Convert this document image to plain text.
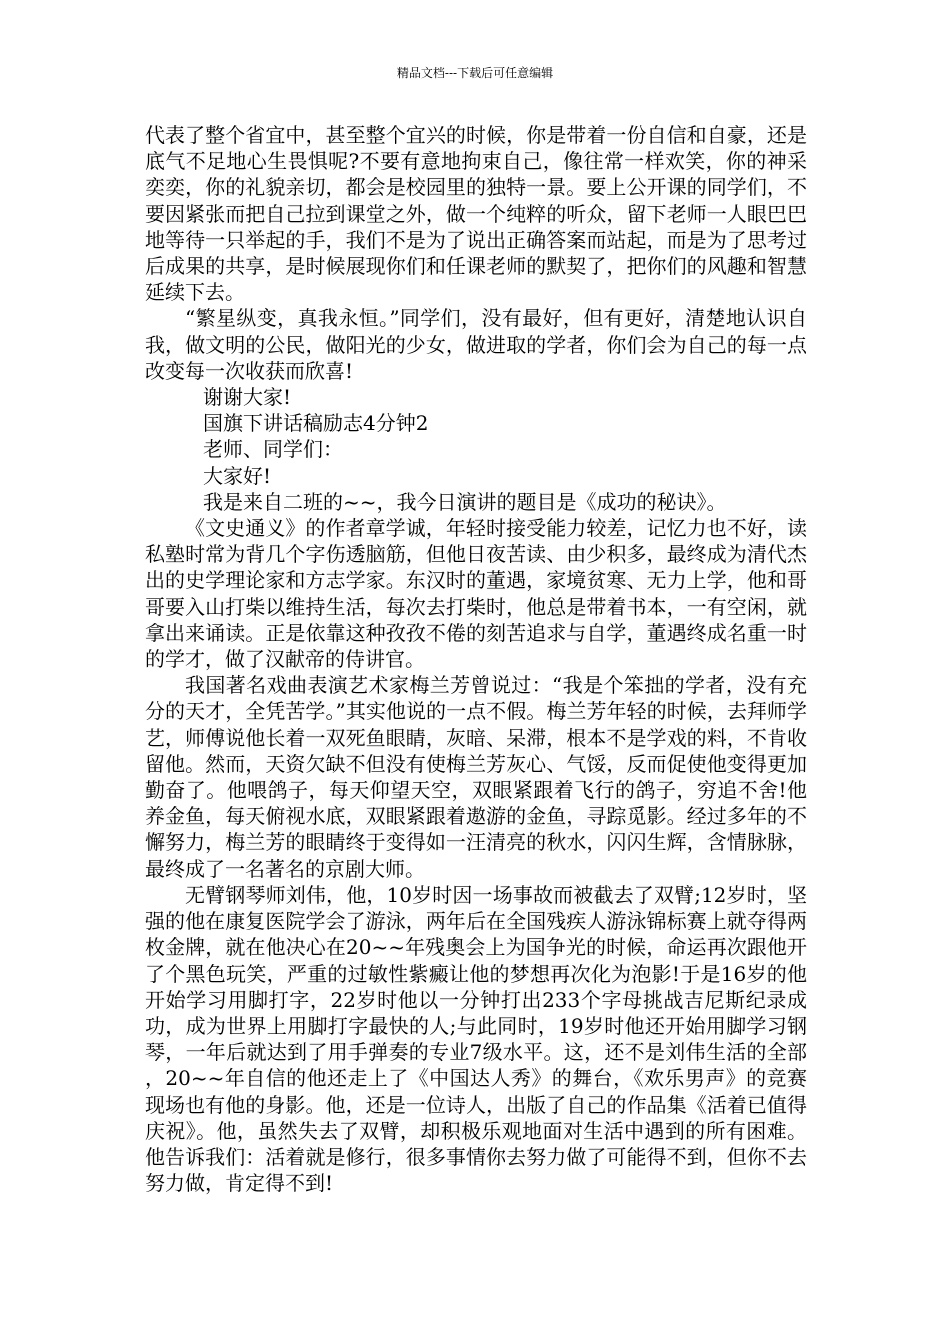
精品文档---下载后可任意编辑

代表了整个省宜中，甚至整个宜兴的时候，你是带着一份自信和自豪，还是底气不足地心生畏惧呢?不要有意地拘束自己，像往常一样欢笑，你的神采奕奕，你的礼貌亲切，都会是校园里的独特一景。要上公开课的同学们，不要因紧张而把自己拉到课堂之外，做一个纯粹的听众，留下老师一人眼巴巴地等待一只举起的手，我们不是为了说出正确答案而站起，而是为了思考过后成果的共享，是时候展现你们和任课老师的默契了，把你们的风趣和智慧延续下去。

“繁星纵变，真我永恒。”同学们，没有最好，但有更好，清楚地认识自我，做文明的公民，做阳光的少女，做进取的学者，你们会为自己的每一点改变每一次收获而欣喜!

谢谢大家!

国旗下讲话稿励志4分钟2

老师、同学们：

大家好!

我是来自二班的~~，我今日演讲的题目是《成功的秘诀》。

《文史通义》的作者章学诚，年轻时接受能力较差，记忆力也不好，读私塾时常为背几个字伤透脑筋，但他日夜苦读、由少积多，最终成为清代杰出的史学理论家和方志学家。东汉时的董遇，家境贫寒、无力上学，他和哥哥要入山打柴以维持生活，每次去打柴时，他总是带着书本，一有空闲，就拿出来诵读。正是依靠这种孜孜不倦的刻苦追求与自学，董遇终成名重一时的学才，做了汉献帝的侍讲官。

我国著名戏曲表演艺术家梅兰芳曾说过：“我是个笨拙的学者，没有充分的天才，全凭苦学。”其实他说的一点不假。梅兰芳年轻的时候，去拜师学艺，师傅说他长着一双死鱼眼睛，灰暗、呆滞，根本不是学戏的料，不肯收留他。然而，天资欠缺不但没有使梅兰芳灰心、气馁，反而促使他变得更加勤奋了。他喂鸽子，每天仰望天空，双眼紧跟着飞行的鸽子，穷追不舍!他养金鱼，每天俯视水底，双眼紧跟着遨游的金鱼，寻踪觅影。经过多年的不懈努力，梅兰芳的眼睛终于变得如一汪清亮的秋水，闪闪生辉，含情脉脉，最终成了一名著名的京剧大师。

无臂钢琴师刘伟，他，10岁时因一场事故而被截去了双臂;12岁时，坚强的他在康复医院学会了游泳，两年后在全国残疾人游泳锦标赛上就夺得两枚金牌，就在他决心在20~~年残奥会上为国争光的时候，命运再次跟他开了个黑色玩笑，严重的过敏性紫癜让他的梦想再次化为泡影!于是16岁的他开始学习用脚打字，22岁时他以一分钟打出233个字母挑战吉尼斯纪录成功，成为世界上用脚打字最快的人;与此同时，19岁时他还开始用脚学习钢琴，一年后就达到了用手弹奏的专业7级水平。这，还不是刘伟生活的全部，20~~年自信的他还走上了《中国达人秀》的舞台，《欢乐男声》的竞赛现场也有他的身影。他，还是一位诗人，出版了自己的作品集《活着已值得庆祝》。他，虽然失去了双臂，却积极乐观地面对生活中遇到的所有困难。他告诉我们：活着就是修行，很多事情你去努力做了可能得不到，但你不去努力做，肯定得不到!
